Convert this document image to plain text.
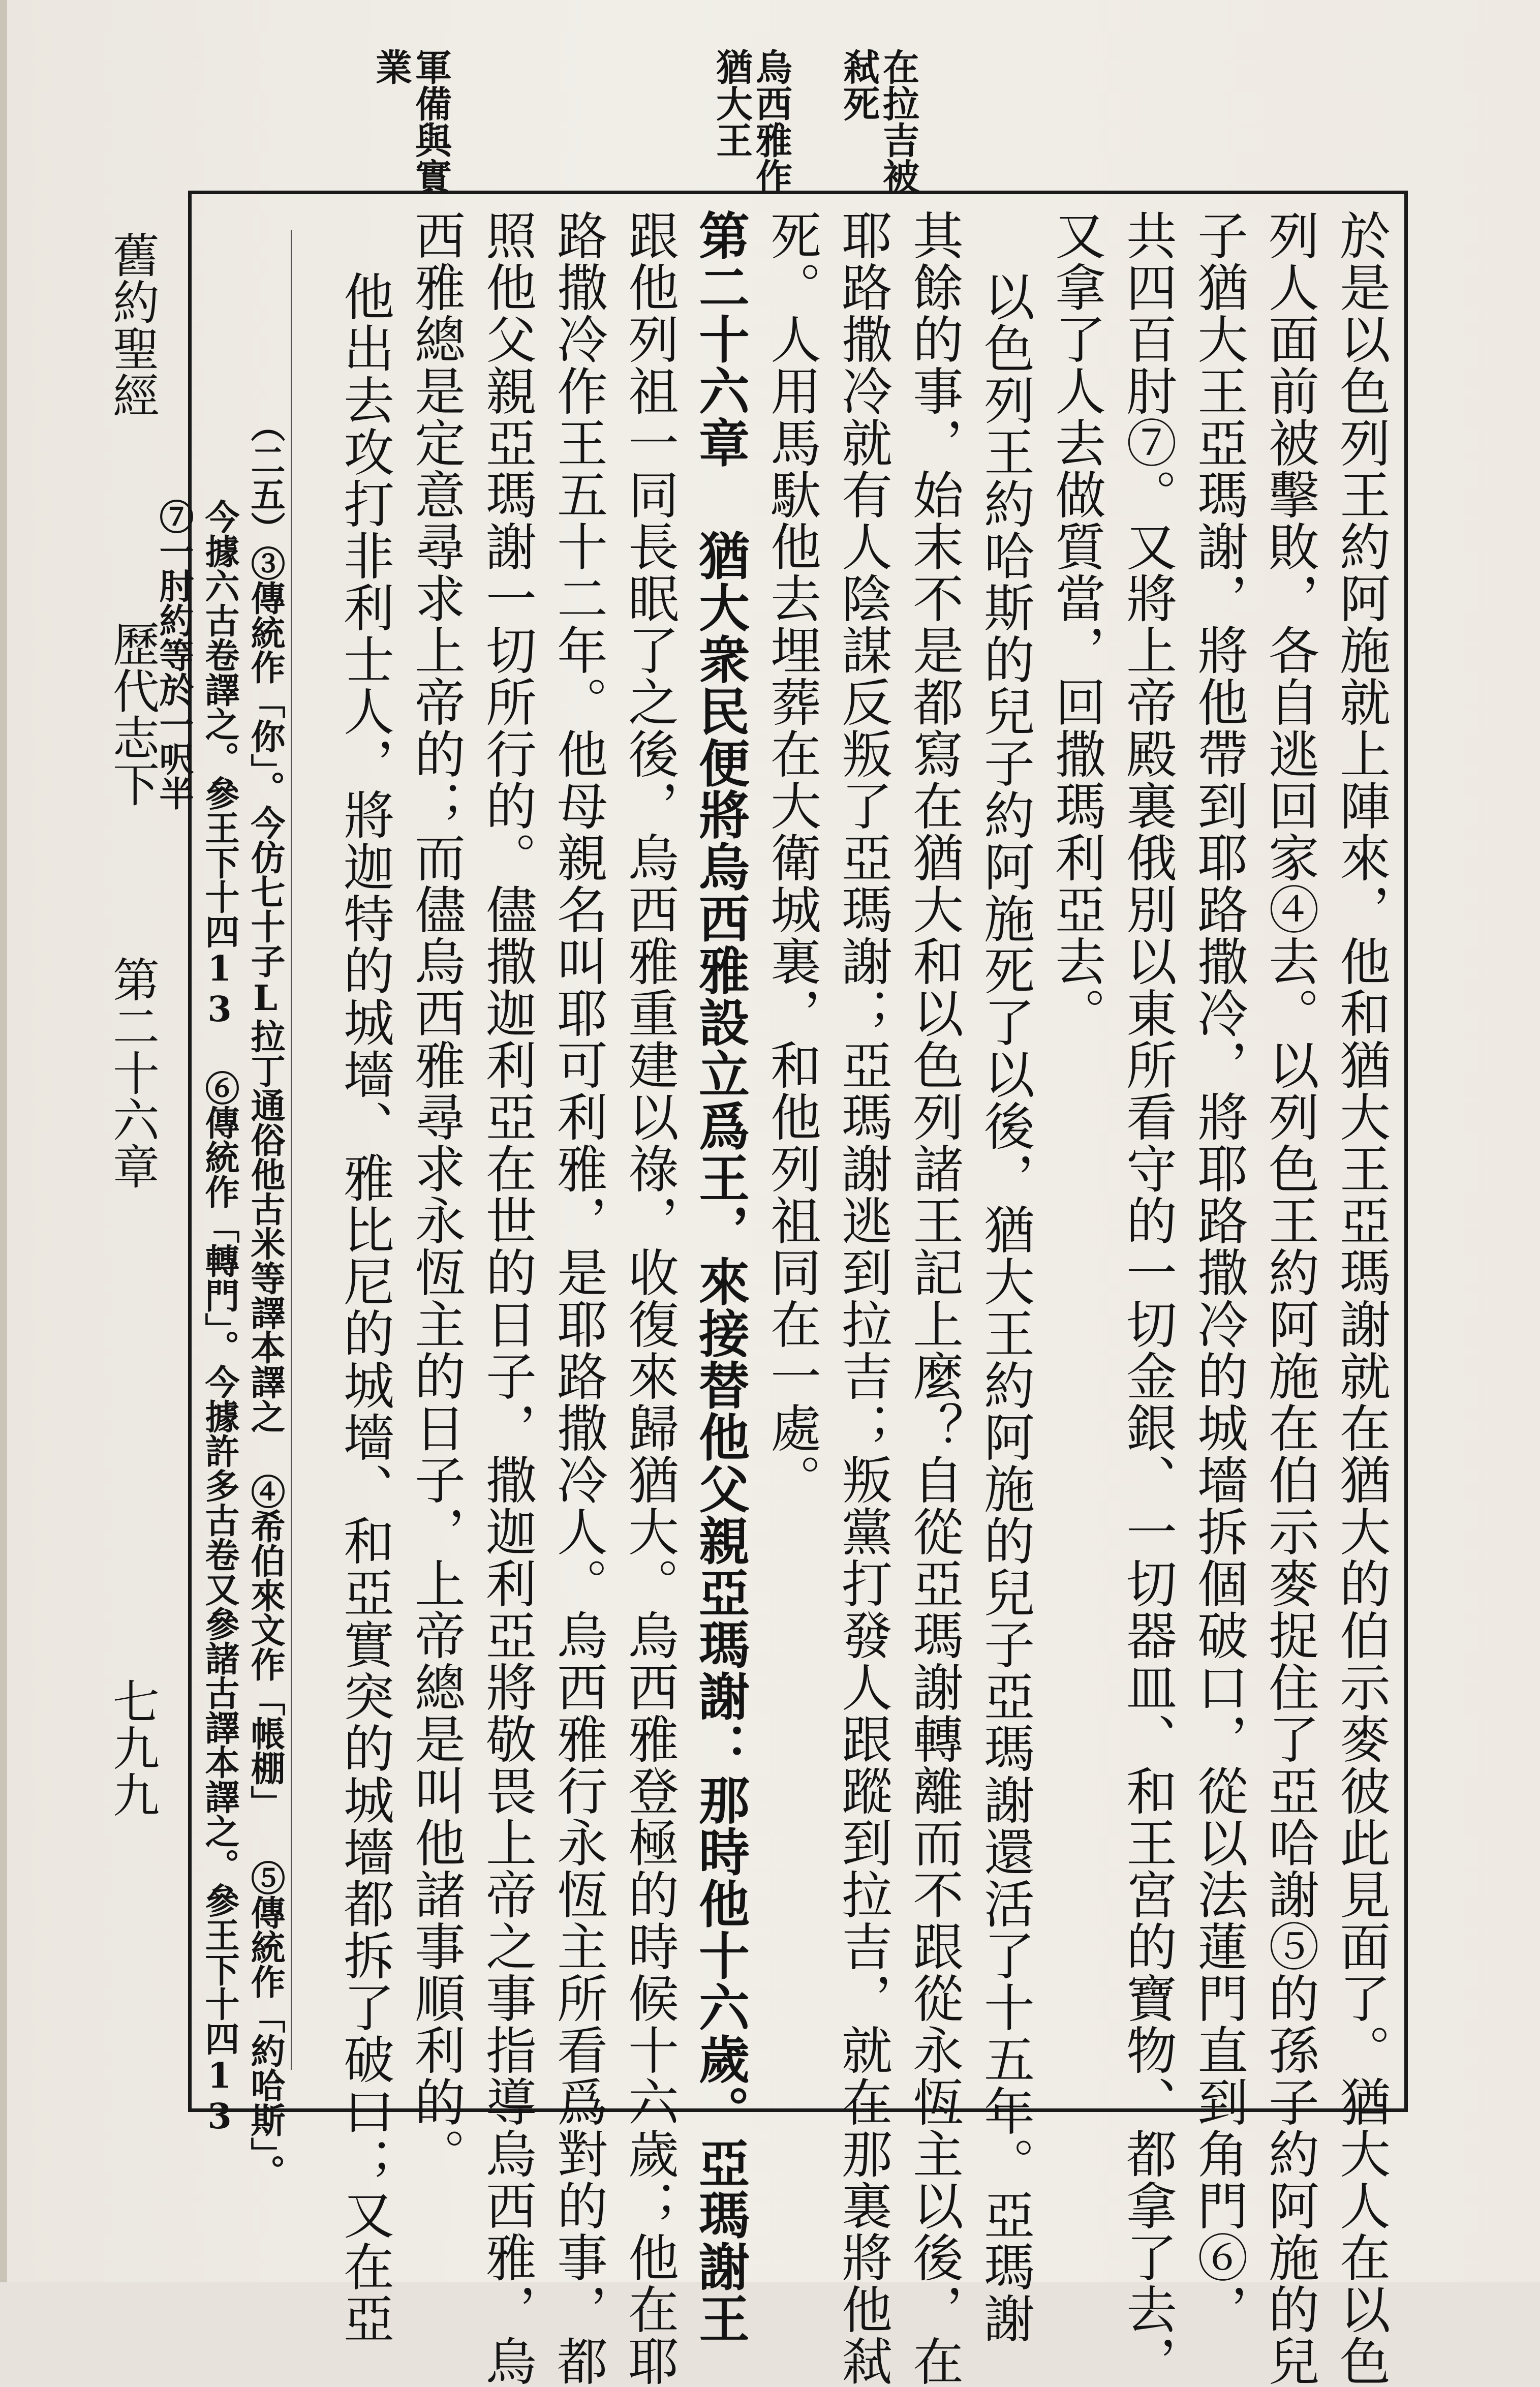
在拉吉被
弒死
烏西雅作
猶大王
軍備與實
業
舊約聖經
歷代志下
第二十六章
七九九	於是以色列王約阿施就上陣來，他和猶大王亞瑪謝就在猶大的伯示麥彼此見面了。猶大人在以色
列人面前被擊敗，各自逃回家④去。以列色王約阿施在伯示麥捉住了亞哈謝⑤的孫子約阿施的兒
子猶大王亞瑪謝，將他帶到耶路撒冷，將耶路撒冷的城墻拆個破口，從以法蓮門直到角門⑥，
共四百肘⑦。又將上帝殿裏俄別以東所看守的一切金銀、一切器皿、和王宮的寶物、都拿了去，
又拿了人去做質當，回撒瑪利亞去。
以色列王約哈斯的兒子約阿施死了以後，猶大王約阿施的兒子亞瑪謝還活了十五年。亞瑪謝
其餘的事，始末不是都寫在猶大和以色列諸王記上麼？自從亞瑪謝轉離而不跟從永恆主以後，在
耶路撒冷就有人陰謀反叛了亞瑪謝；亞瑪謝逃到拉吉；叛黨打發人跟蹤到拉吉，就在那裏將他弒
死。人用馬馱他去埋葬在大衛城裏，和他列祖同在一處。
第二十六章 猶大衆民便將烏西雅設立爲王，來接替他父親亞瑪謝：那時他十六歲。亞瑪謝王
跟他列祖一同長眠了之後，烏西雅重建以祿，收復來歸猶大。烏西雅登極的時候十六歲；他在耶
路撒冷作王五十二年。他母親名叫耶可利雅，是耶路撒冷人。烏西雅行永恆主所看爲對的事，都
照他父親亞瑪謝一切所行的。儘撒迦利亞在世的日子，撒迦利亞將敬畏上帝之事指導烏西雅，烏
西雅總是定意尋求上帝的；而儘烏西雅尋求永恆主的日子，上帝總是叫他諸事順利的。
他出去攻打非利士人，將迦特的城墻、雅比尼的城墻、和亞實突的城墻都拆了破口；又在亞
（二五）③傳統作「你」。今仿七十子L拉丁通俗他古米等譯本譯之 ④希伯來文作「帳棚」 ⑤傳統作「約哈斯」。
今據六古卷譯之。參王下十四13 ⑥傳統作「轉門」。今據許多古卷又參諸古譯本譯之。參王下十四13
⑦一肘約等於一呎半
